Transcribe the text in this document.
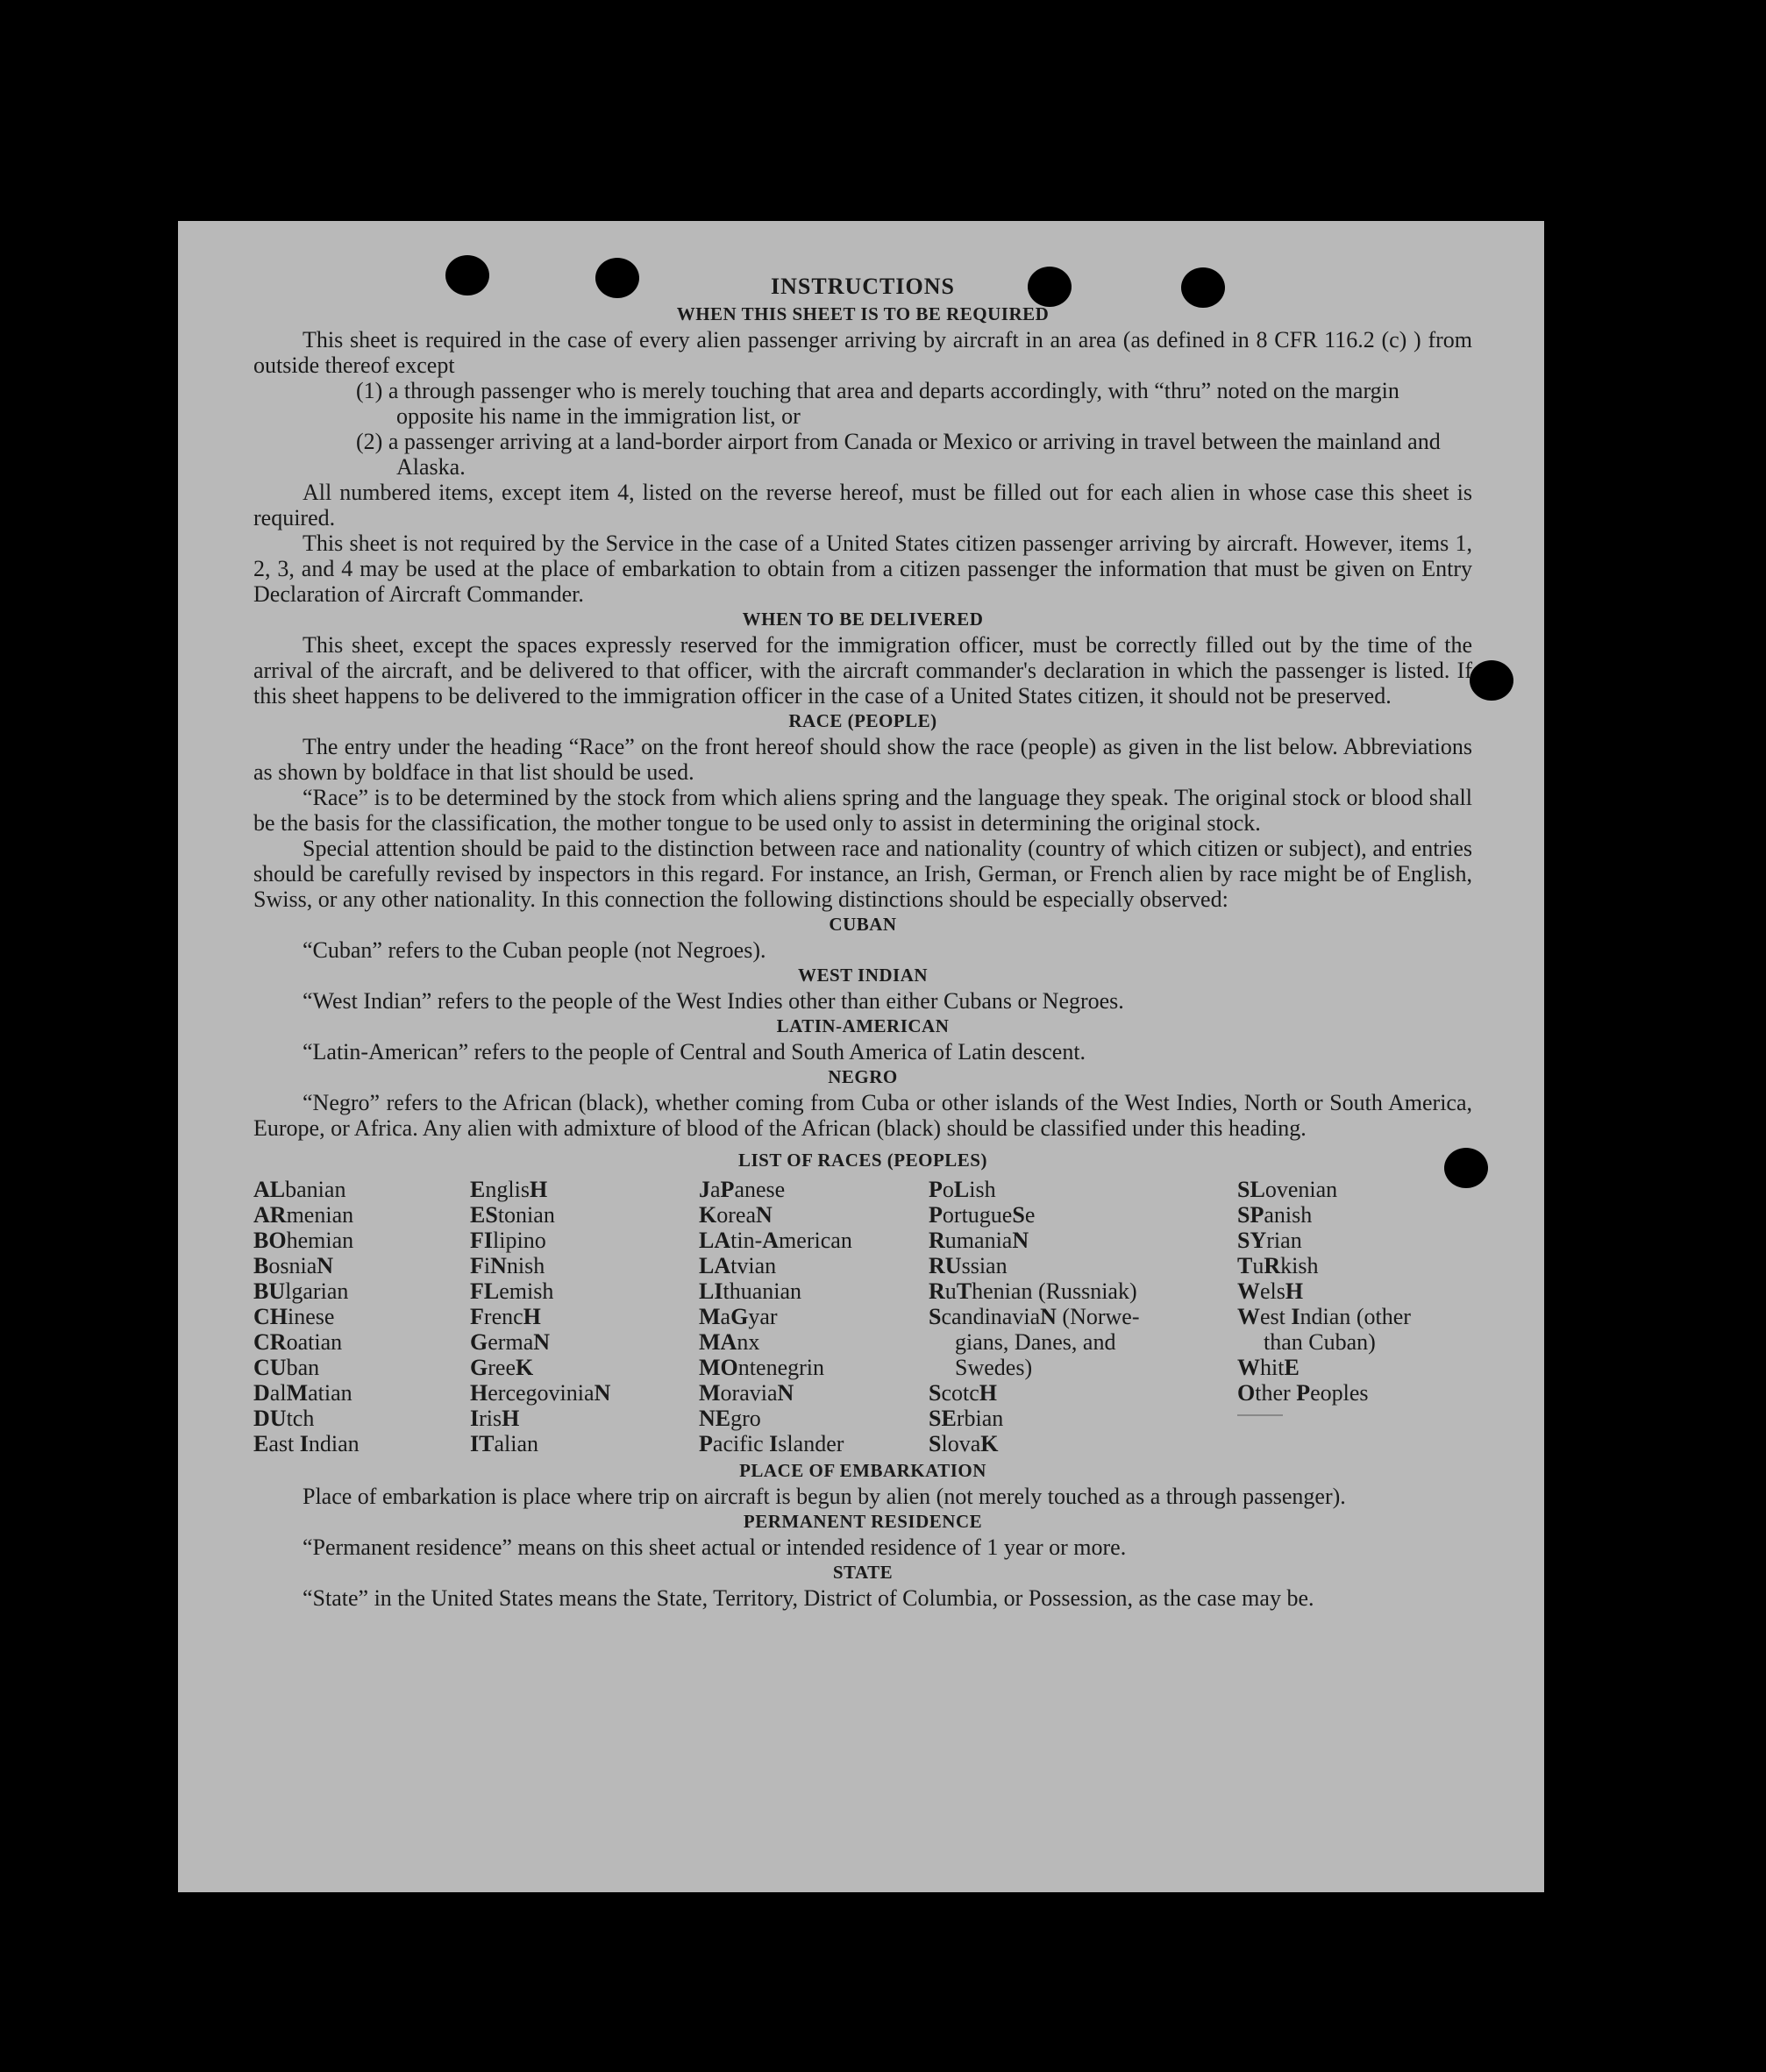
INSTRUCTIONS
WHEN THIS SHEET IS TO BE REQUIRED

This sheet is required in the case of every alien passenger arriving by aircraft in an area (as defined in 8 CFR 116.2 (c) ) from outside thereof except

(1) a through passenger who is merely touching that area and departs accordingly, with “thru” noted on the margin opposite his name in the immigration list, or

(2) a passenger arriving at a land-border airport from Canada or Mexico or arriving in travel between the mainland and Alaska.

All numbered items, except item 4, listed on the reverse hereof, must be filled out for each alien in whose case this sheet is required.

This sheet is not required by the Service in the case of a United States citizen passenger arriving by aircraft. However, items 1, 2, 3, and 4 may be used at the place of embarkation to obtain from a citizen passenger the information that must be given on Entry Declaration of Aircraft Commander.

WHEN TO BE DELIVERED

This sheet, except the spaces expressly reserved for the immigration officer, must be correctly filled out by the time of the arrival of the aircraft, and be delivered to that officer, with the aircraft commander's declaration in which the passenger is listed. If this sheet happens to be delivered to the immigration officer in the case of a United States citizen, it should not be preserved.

RACE (PEOPLE)

The entry under the heading “Race” on the front hereof should show the race (people) as given in the list below. Abbreviations as shown by boldface in that list should be used.

“Race” is to be determined by the stock from which aliens spring and the language they speak. The original stock or blood shall be the basis for the classification, the mother tongue to be used only to assist in determining the original stock.

Special attention should be paid to the distinction between race and nationality (country of which citizen or subject), and entries should be carefully revised by inspectors in this regard. For instance, an Irish, German, or French alien by race might be of English, Swiss, or any other nationality. In this connection the following distinctions should be especially observed:

CUBAN

“Cuban” refers to the Cuban people (not Negroes).

WEST INDIAN

“West Indian” refers to the people of the West Indies other than either Cubans or Negroes.

LATIN-AMERICAN

“Latin-American” refers to the people of Central and South America of Latin descent.

NEGRO

“Negro” refers to the African (black), whether coming from Cuba or other islands of the West Indies, North or South America, Europe, or Africa. Any alien with admixture of blood of the African (black) should be classified under this heading.

LIST OF RACES (PEOPLES)
ALbanian
ARmenian
BOhemian
BosniaN
BUlgarian
CHinese
CRoatian
CUban
DalMatian
DUtch
East Indian
EnglisH
EStonian
FIlipino
FiNnish
FLemish
FrencH
GermaN
GreeK
HercegoviniaN
IrisH
ITalian
JaPanese
KoreaN
LAtin-American
LAtvian
LIthuanian
MaGyar
MAnx
MOntenegrin
MoraviaN
NEgro
Pacific Islander
PoLish
PortugueSe
RumaniaN
RUssian
RuThenian (Russniak)
ScandinaviaN (Norwe-
gians, Danes, and
Swedes)
ScotcH
SErbian
SlovaK
SLovenian
SPanish
SYrian
TuRkish
WelsH
West Indian (other
than Cuban)
WhitE
Other Peoples
PLACE OF EMBARKATION

Place of embarkation is place where trip on aircraft is begun by alien (not merely touched as a through passenger).

PERMANENT RESIDENCE

“Permanent residence” means on this sheet actual or intended residence of 1 year or more.

STATE

“State” in the United States means the State, Territory, District of Columbia, or Possession, as the case may be.
